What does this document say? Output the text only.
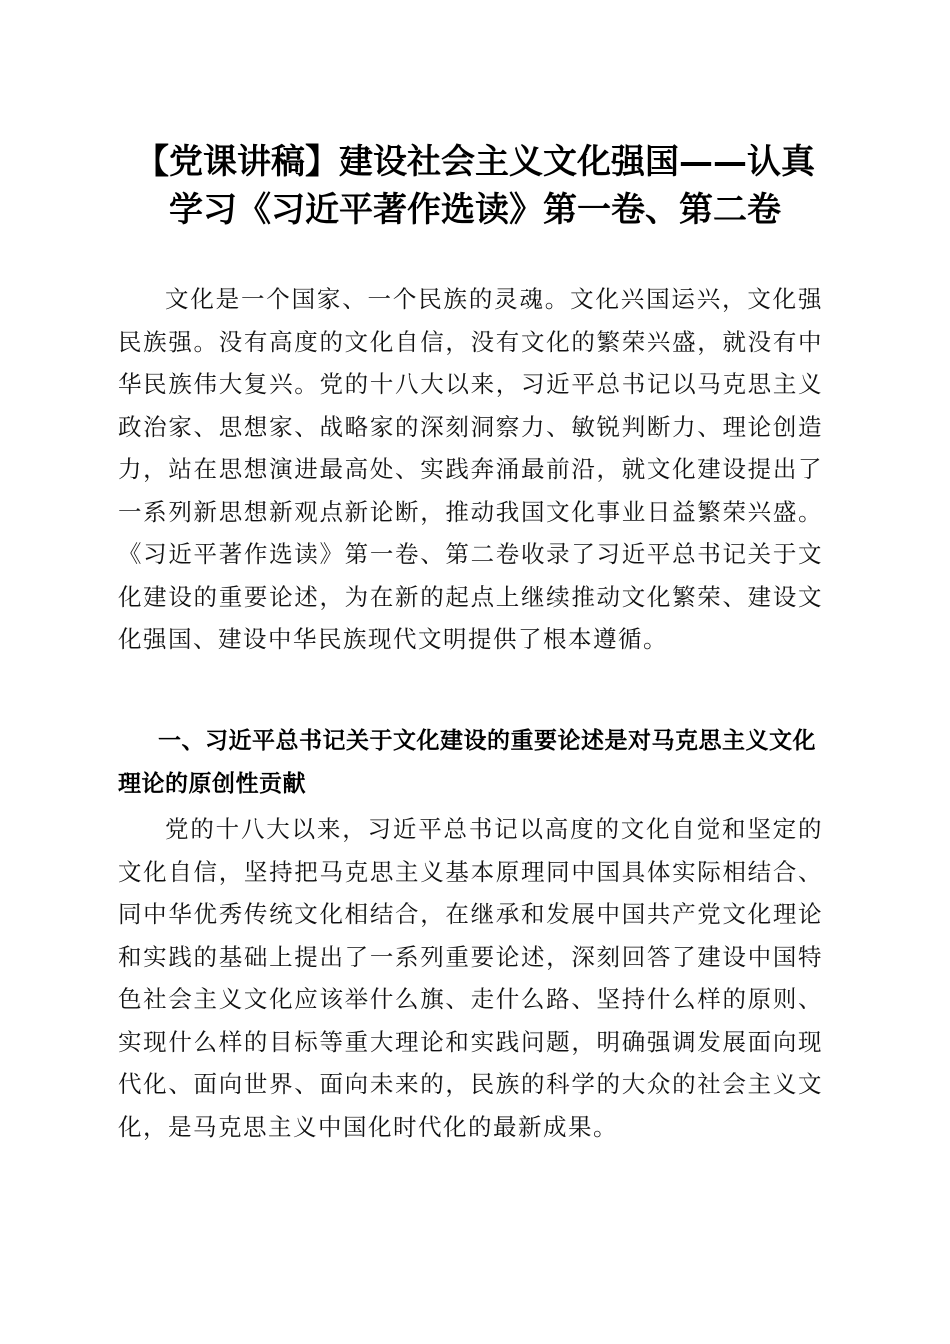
【党课讲稿】建设社会主义文化强国——认真
学习《习近平著作选读》第一卷、第二卷

文化是一个国家、一个民族的灵魂。文化兴国运兴，文化强民族强。没有高度的文化自信，没有文化的繁荣兴盛，就没有中华民族伟大复兴。党的十八大以来，习近平总书记以马克思主义政治家、思想家、战略家的深刻洞察力、敏锐判断力、理论创造力，站在思想演进最高处、实践奔涌最前沿，就文化建设提出了一系列新思想新观点新论断，推动我国文化事业日益繁荣兴盛。《习近平著作选读》第一卷、第二卷收录了习近平总书记关于文化建设的重要论述，为在新的起点上继续推动文化繁荣、建设文化强国、建设中华民族现代文明提供了根本遵循。

一、习近平总书记关于文化建设的重要论述是对马克思主义文化理论的原创性贡献

党的十八大以来，习近平总书记以高度的文化自觉和坚定的文化自信，坚持把马克思主义基本原理同中国具体实际相结合、同中华优秀传统文化相结合，在继承和发展中国共产党文化理论和实践的基础上提出了一系列重要论述，深刻回答了建设中国特色社会主义文化应该举什么旗、走什么路、坚持什么样的原则、实现什么样的目标等重大理论和实践问题，明确强调发展面向现代化、面向世界、面向未来的，民族的科学的大众的社会主义文化，是马克思主义中国化时代化的最新成果。
